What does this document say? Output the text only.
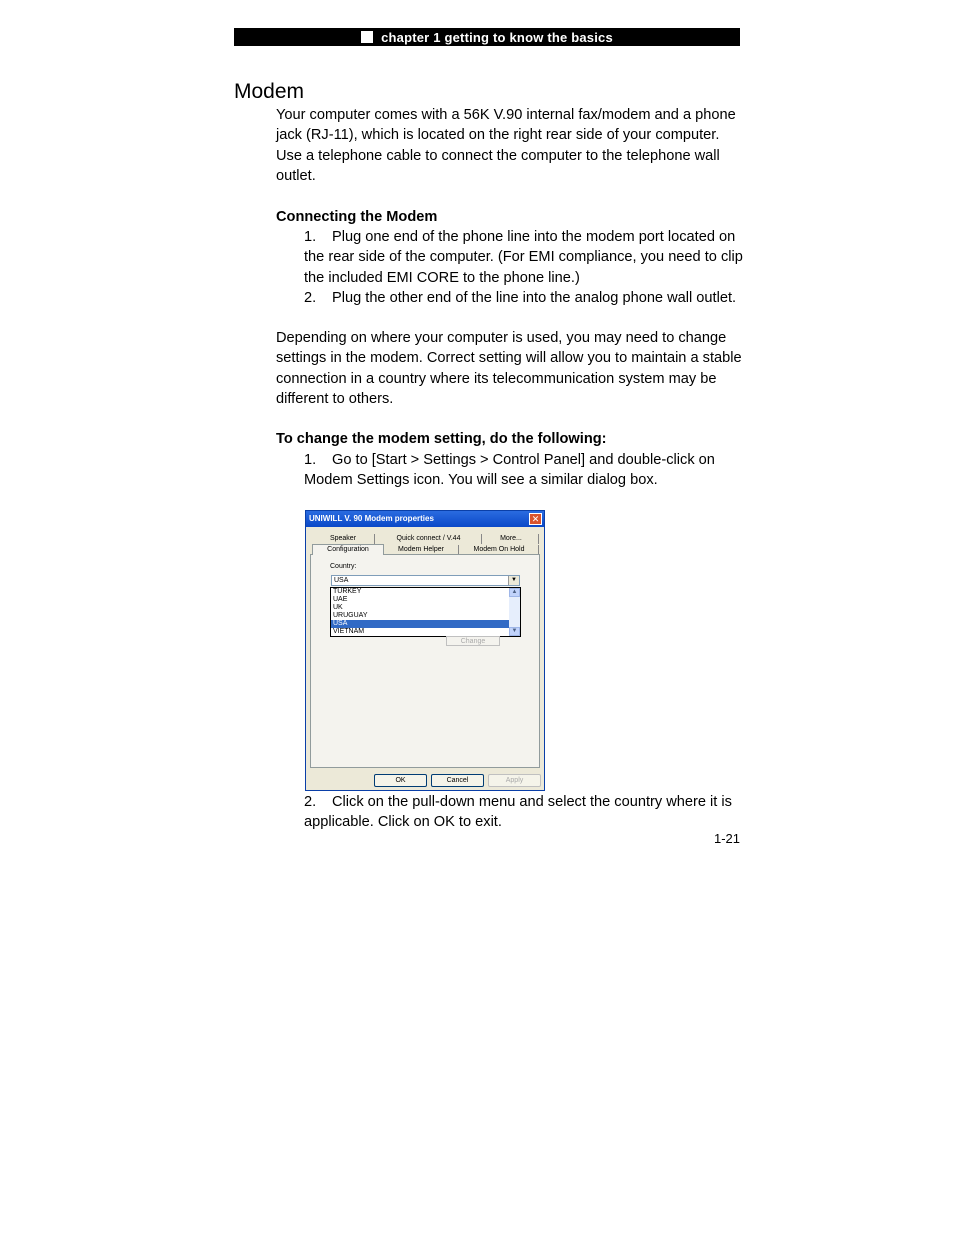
chapter 1 getting to know the basics
Modem

Your computer comes with a 56K V.90 internal fax/modem and a phone jack (RJ-11), which is located on the right rear side of your computer. Use a telephone cable to connect the computer to the telephone wall outlet.

Connecting the Modem

1. Plug one end of the phone line into the modem port located on the rear side of the computer. (For EMI compliance, you need to clip the included EMI CORE to the phone line.)
2. Plug the other end of the line into the analog phone wall outlet.

Depending on where your computer is used, you may need to change settings in the modem. Correct setting will allow you to maintain a stable connection in a country where its telecommunication system may be different to others.

To change the modem setting, do the following:

1. Go to [Start > Settings > Control Panel] and double-click on Modem Settings icon. You will see a similar dialog box.
UNIWILL V. 90 Modem properties	✕
Speaker	Quick connect / V.44	More...
Configuration	Modem Helper	Modem On Hold
Country:
USA	▼
TURKEY
UAE
UK
URUGUAY
USA
VIETNAM
▲
▼
Change
OK	Cancel	Apply
2. Click on the pull-down menu and select the country where it is applicable. Click on OK to exit.
1-21
